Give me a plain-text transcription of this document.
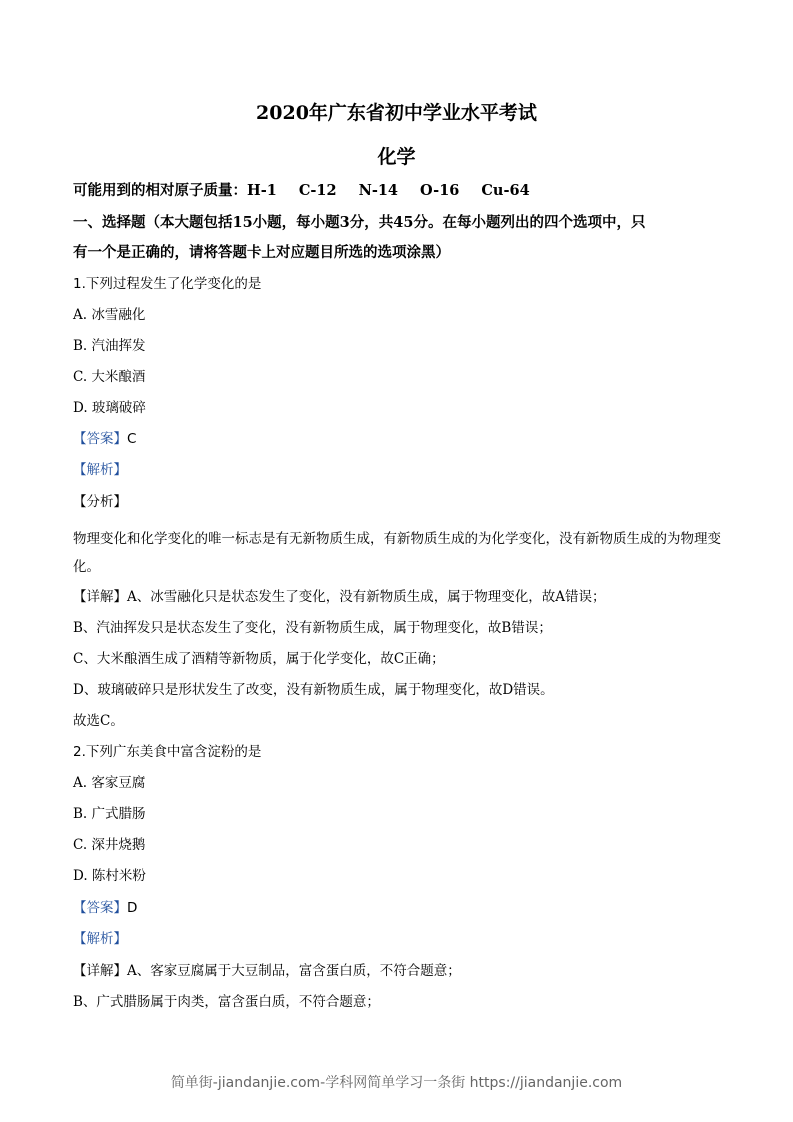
2020年广东省初中学业水平考试
化学

可能用到的相对原子质量：H-1 C-12 N-14 O-16 Cu-64

一、选择题（本大题包括15小题，每小题3分，共45分。在每小题列出的四个选项中，只

有一个是正确的，请将答题卡上对应题目所选的选项涂黑）

1.下列过程发生了化学变化的是

A. 冰雪融化

B. 汽油挥发

C. 大米酿酒

D. 玻璃破碎

【答案】C

【解析】

【分析】

物理变化和化学变化的唯一标志是有无新物质生成，有新物质生成的为化学变化，没有新物质生成的为物理变化。

【详解】A、冰雪融化只是状态发生了变化，没有新物质生成，属于物理变化，故A错误；

B、汽油挥发只是状态发生了变化，没有新物质生成，属于物理变化，故B错误；

C、大米酿酒生成了酒精等新物质，属于化学变化，故C正确；

D、玻璃破碎只是形状发生了改变，没有新物质生成，属于物理变化，故D错误。

故选C。

2.下列广东美食中富含淀粉的是

A. 客家豆腐

B. 广式腊肠

C. 深井烧鹅

D. 陈村米粉

【答案】D

【解析】

【详解】A、客家豆腐属于大豆制品，富含蛋白质，不符合题意；

B、广式腊肠属于肉类，富含蛋白质，不符合题意；

简单街-jiandanjie.com-学科网简单学习一条街 https://jiandanjie.com
